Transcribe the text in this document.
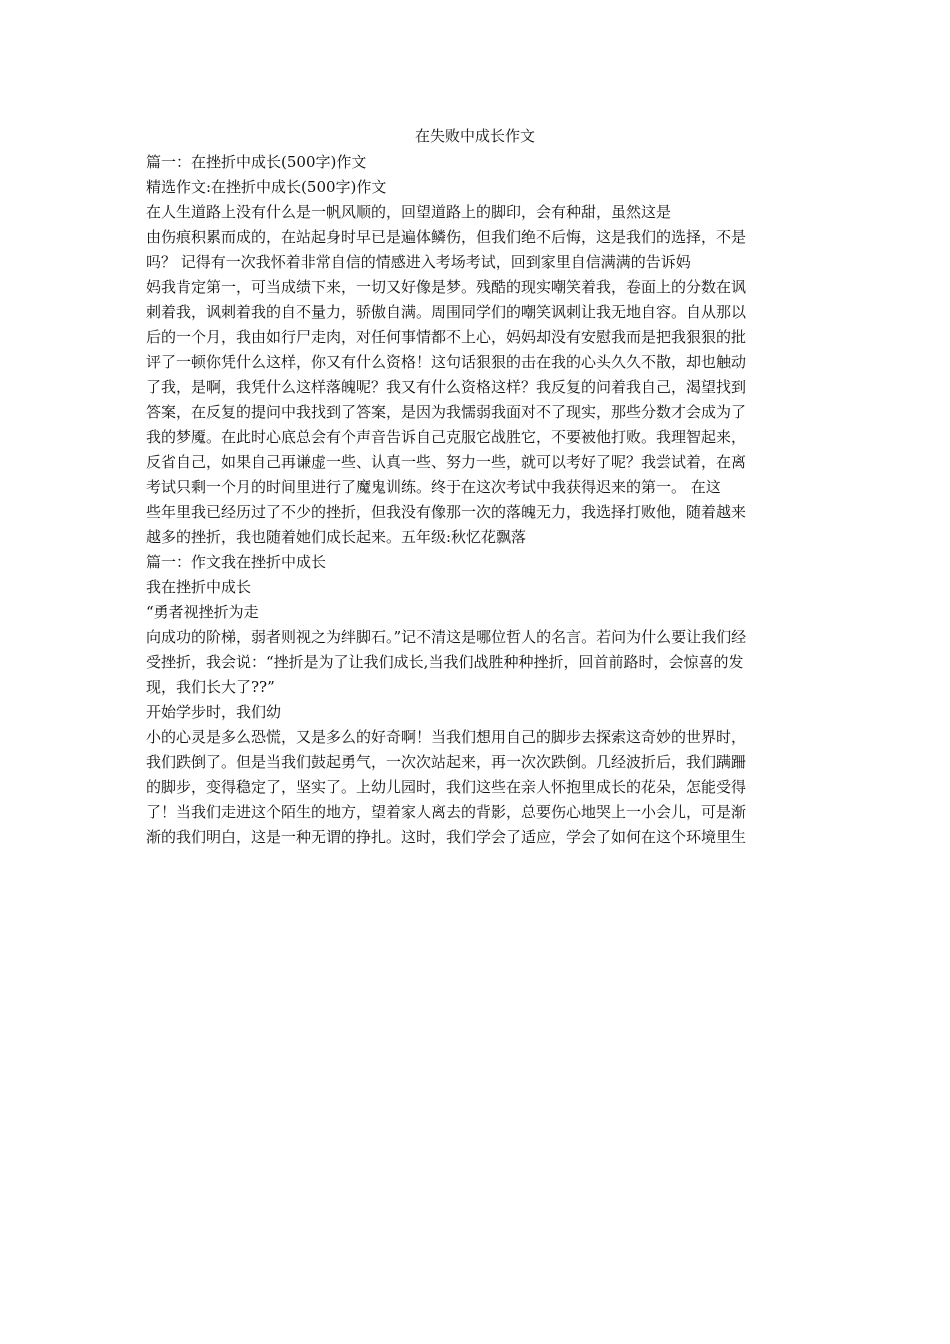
在失败中成长作文
篇一：在挫折中成长(500字)作文
精选作文:在挫折中成长(500字)作文
在人生道路上没有什么是一帆风顺的，回望道路上的脚印，会有种甜，虽然这是
由伤痕积累而成的，在站起身时早已是遍体鳞伤，但我们绝不后悔，这是我们的选择，不是
吗？ 记得有一次我怀着非常自信的情感进入考场考试，回到家里自信满满的告诉妈
妈我肯定第一，可当成绩下来，一切又好像是梦。残酷的现实嘲笑着我，卷面上的分数在讽
刺着我，讽刺着我的自不量力，骄傲自满。周围同学们的嘲笑讽刺让我无地自容。自从那以
后的一个月，我由如行尸走肉，对任何事情都不上心，妈妈却没有安慰我而是把我狠狠的批
评了一顿你凭什么这样，你又有什么资格！这句话狠狠的击在我的心头久久不散，却也触动
了我，是啊，我凭什么这样落魄呢？我又有什么资格这样？我反复的问着我自己，渴望找到
答案，在反复的提问中我找到了答案，是因为我懦弱我面对不了现实，那些分数才会成为了
我的梦魇。在此时心底总会有个声音告诉自己克服它战胜它，不要被他打败。我理智起来，
反省自己，如果自己再谦虚一些、认真一些、努力一些，就可以考好了呢？我尝试着，在离
考试只剩一个月的时间里进行了魔鬼训练。终于在这次考试中我获得迟来的第一。 在这
些年里我已经历过了不少的挫折，但我没有像那一次的落魄无力，我选择打败他，随着越来
越多的挫折，我也随着她们成长起来。五年级:秋忆花飘落
篇一：作文我在挫折中成长
我在挫折中成长
“勇者视挫折为走
向成功的阶梯，弱者则视之为绊脚石。”记不清这是哪位哲人的名言。若问为什么要让我们经
受挫折，我会说：“挫折是为了让我们成长,当我们战胜种种挫折，回首前路时，会惊喜的发
现，我们长大了??”
开始学步时，我们幼
小的心灵是多么恐慌，又是多么的好奇啊！当我们想用自己的脚步去探索这奇妙的世界时，
我们跌倒了。但是当我们鼓起勇气，一次次站起来，再一次次跌倒。几经波折后，我们蹒跚
的脚步，变得稳定了，坚实了。上幼儿园时，我们这些在亲人怀抱里成长的花朵，怎能受得
了！当我们走进这个陌生的地方，望着家人离去的背影，总要伤心地哭上一小会儿，可是渐
渐的我们明白，这是一种无谓的挣扎。这时，我们学会了适应，学会了如何在这个环境里生
